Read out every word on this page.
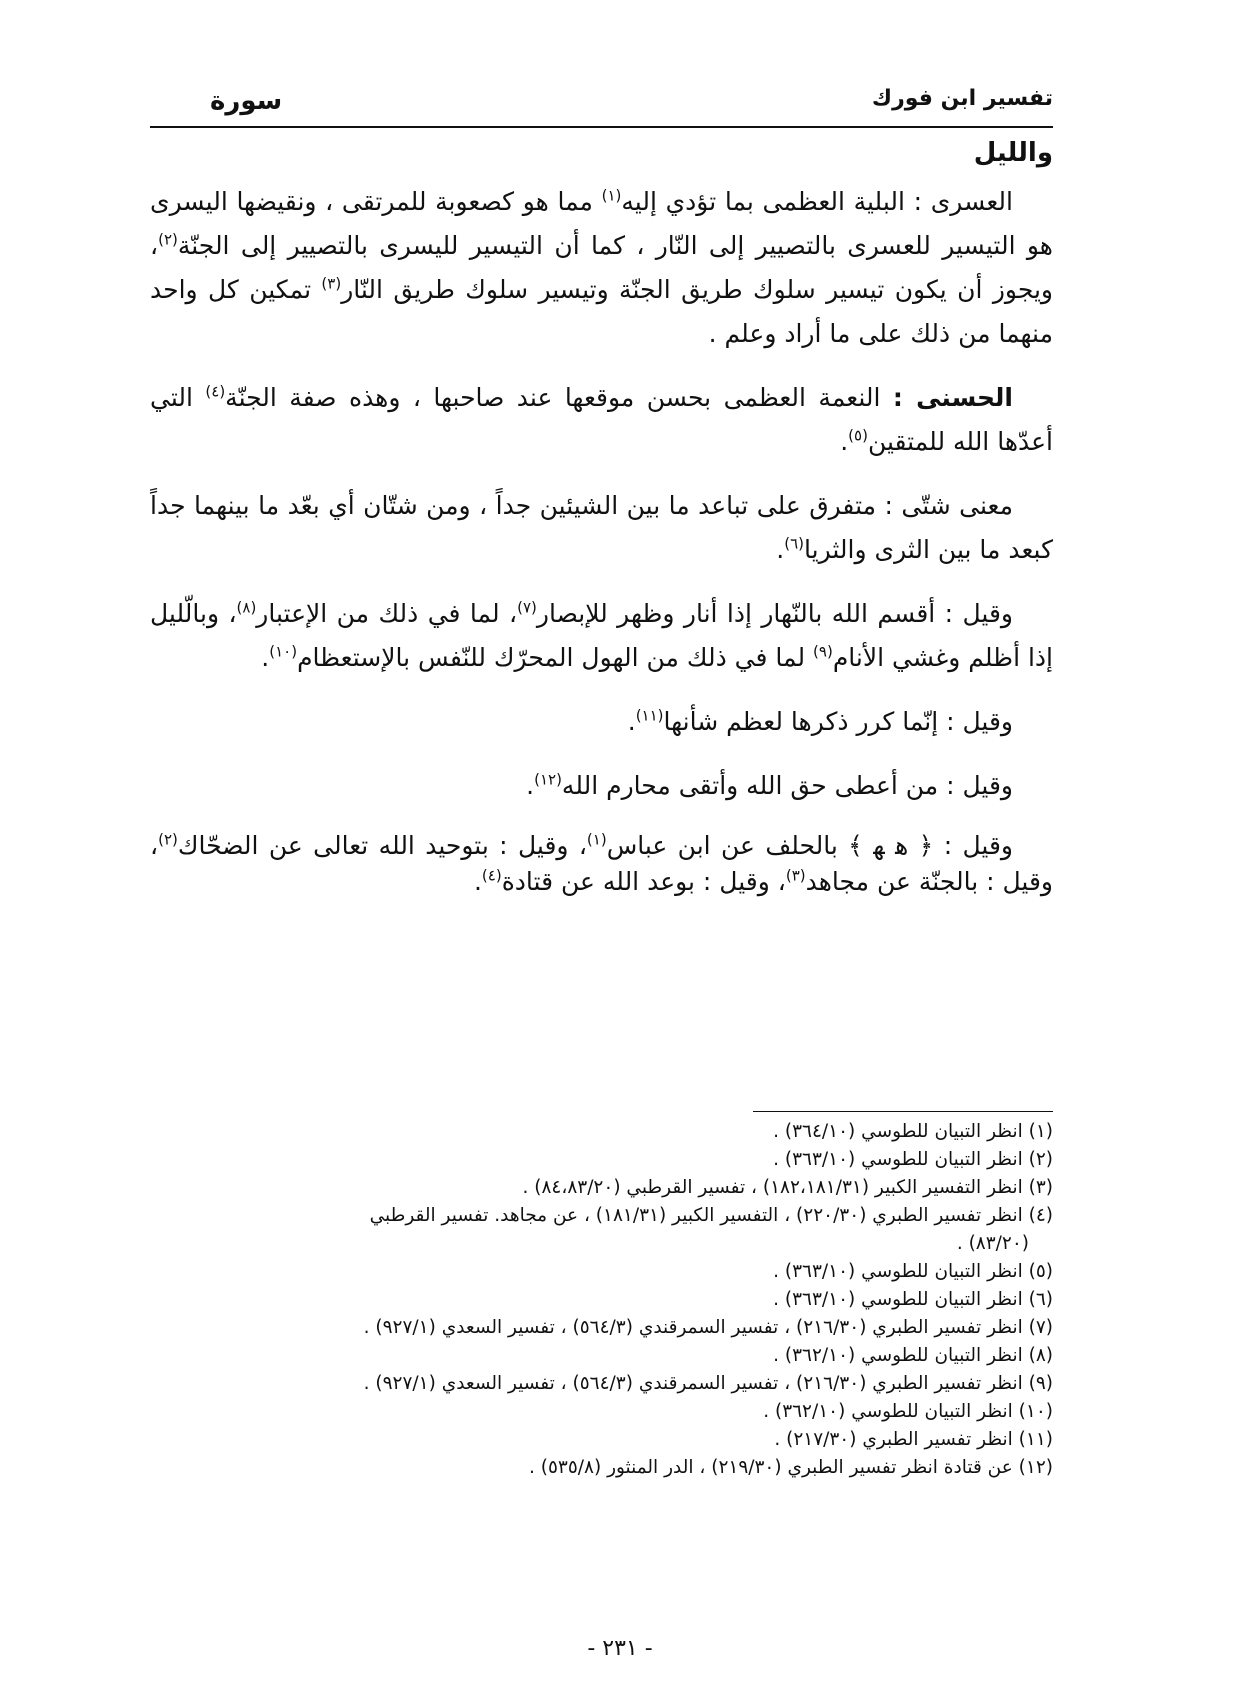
تفسير ابن فورك
سورة
والليل

العسرى : البلية العظمى بما تؤدي إليه$^{(١)}$ مما هو كصعوبة للمرتقى ، ونقيضها اليسرى هو التيسير للعسرى بالتصيير إلى النّار ، كما أن التيسير لليسرى بالتصيير إلى الجنّة$^{(٢)}$، ويجوز أن يكون تيسير سلوك طريق الجنّة وتيسير سلوك طريق النّار$^{(٣)}$ تمكين كل واحد منهما من ذلك على ما أراد وعلم .

الحسنى : النعمة العظمى بحسن موقعها عند صاحبها ، وهذه صفة الجنّة$^{(٤)}$ التي أعدّها الله للمتقين$^{(٥)}$.

معنى شتّى : متفرق على تباعد ما بين الشيئين جداً ، ومن شتّان أي بعّد ما بينهما جداً كبعد ما بين الثرى والثريا$^{(٦)}$.

وقيل : أقسم الله بالنّهار إذا أنار وظهر للإبصار$^{(٧)}$، لما في ذلك من الإعتبار$^{(٨)}$، وبالّليل إذا أظلم وغشي الأنام$^{(٩)}$ لما في ذلك من الهول المحرّك للنّفس بالإستعظام$^{(١٠)}$.

وقيل : إنّما كرر ذكرها لعظم شأنها$^{(١١)}$.

وقيل : من أعطى حق الله وأتقى محارم الله$^{(١٢)}$.

وقيل : ﴿ ﮬ ﮭ ﴾ بالحلف عن ابن عباس$^{(١)}$، وقيل : بتوحيد الله تعالى عن الضحّاك$^{(٢)}$، وقيل : بالجنّة عن مجاهد$^{(٣)}$، وقيل : بوعد الله عن قتادة$^{(٤)}$.

(١) انظر التبيان للطوسي (٣٦٤/١٠) .

(٢) انظر التبيان للطوسي (٣٦٣/١٠) .

(٣) انظر التفسير الكبير (١٨٢،١٨١/٣١) ، تفسير القرطبي (٨٤،٨٣/٢٠) .

(٤) انظر تفسير الطبري (٢٢٠/٣٠) ، التفسير الكبير (١٨١/٣١) ، عن مجاهد. تفسير القرطبي

(٨٣/٢٠) .

(٥) انظر التبيان للطوسي (٣٦٣/١٠) .

(٦) انظر التبيان للطوسي (٣٦٣/١٠) .

(٧) انظر تفسير الطبري (٢١٦/٣٠) ، تفسير السمرقندي (٥٦٤/٣) ، تفسير السعدي (٩٢٧/١) .

(٨) انظر التبيان للطوسي (٣٦٢/١٠) .

(٩) انظر تفسير الطبري (٢١٦/٣٠) ، تفسير السمرقندي (٥٦٤/٣) ، تفسير السعدي (٩٢٧/١) .

(١٠) انظر التبيان للطوسي (٣٦٢/١٠) .

(١١) انظر تفسير الطبري (٢١٧/٣٠) .

(١٢) عن قتادة انظر تفسير الطبري (٢١٩/٣٠) ، الدر المنثور (٥٣٥/٨) .

- ٢٣١ -
